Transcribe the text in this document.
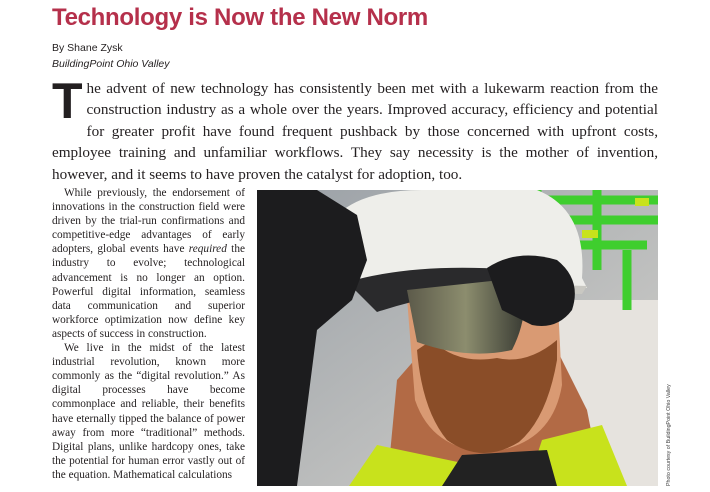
Technology is Now the New Norm
By Shane Zysk
BuildingPoint Ohio Valley

The advent of new technology has consistently been met with a lukewarm reaction from the construction industry as a whole over the years. Improved accuracy, efficiency and potential for greater profit have found frequent pushback by those concerned with upfront costs, employee training and unfamiliar workflows. They say necessity is the mother of invention, however, and it seems to have proven the catalyst for adoption, too.

While previously, the endorsement of innovations in the construction field were driven by the trial-run confirmations and competitive-edge advantages of early adopters, global events have required the industry to evolve; technological advancement is no longer an option. Powerful digital information, seamless data communication and superior workforce optimization now define key aspects of success in construction.

We live in the midst of the latest industrial revolution, known more commonly as the “digital revolution.” As digital processes have become commonplace and reliable, their benefits have eternally tipped the balance of power away from more “traditional” methods. Digital plans, unlike hardcopy ones, take the potential for human error vastly out of the equation. Mathematical calculations	Photo courtesy of BuildingPoint Ohio Valley
